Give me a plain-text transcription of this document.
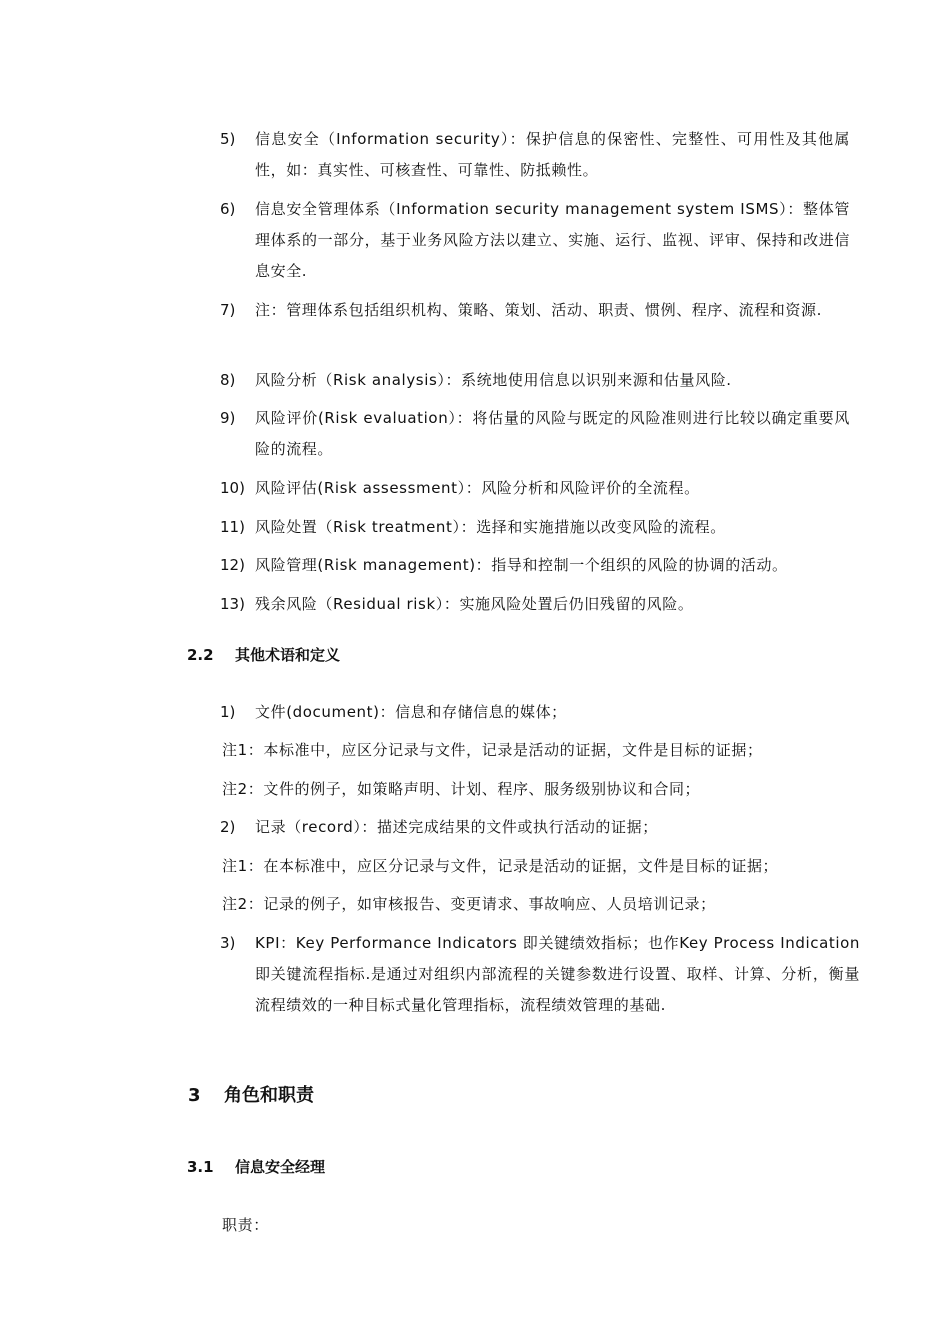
5) 信息安全（Information security）：保护信息的保密性、完整性、可用性及其他属性，如：真实性、可核查性、可靠性、防抵赖性。
6) 信息安全管理体系（Information security management system ISMS）：整体管理体系的一部分，基于业务风险方法以建立、实施、运行、监视、评审、保持和改进信息安全.
7) 注：管理体系包括组织机构、策略、策划、活动、职责、惯例、程序、流程和资源.
8) 风险分析（Risk analysis）：系统地使用信息以识别来源和估量风险.
9) 风险评价(Risk evaluation）：将估量的风险与既定的风险准则进行比较以确定重要风险的流程。
10) 风险评估(Risk assessment）：风险分析和风险评价的全流程。
11) 风险处置（Risk treatment）：选择和实施措施以改变风险的流程。
12) 风险管理(Risk management)：指导和控制一个组织的风险的协调的活动。
13) 残余风险（Residual risk）：实施风险处置后仍旧残留的风险。
2.2 其他术语和定义
1) 文件(document)：信息和存储信息的媒体；
注1：本标准中，应区分记录与文件，记录是活动的证据，文件是目标的证据；
注2：文件的例子，如策略声明、计划、程序、服务级别协议和合同；
2) 记录（record）：描述完成结果的文件或执行活动的证据；
注1：在本标准中，应区分记录与文件，记录是活动的证据，文件是目标的证据；
注2：记录的例子，如审核报告、变更请求、事故响应、人员培训记录；
3) KPI：Key Performance Indicators 即关键绩效指标；也作Key Process Indication即关键流程指标.是通过对组织内部流程的关键参数进行设置、取样、计算、分析，衡量流程绩效的一种目标式量化管理指标，流程绩效管理的基础.
3 角色和职责
3.1 信息安全经理
职责：
